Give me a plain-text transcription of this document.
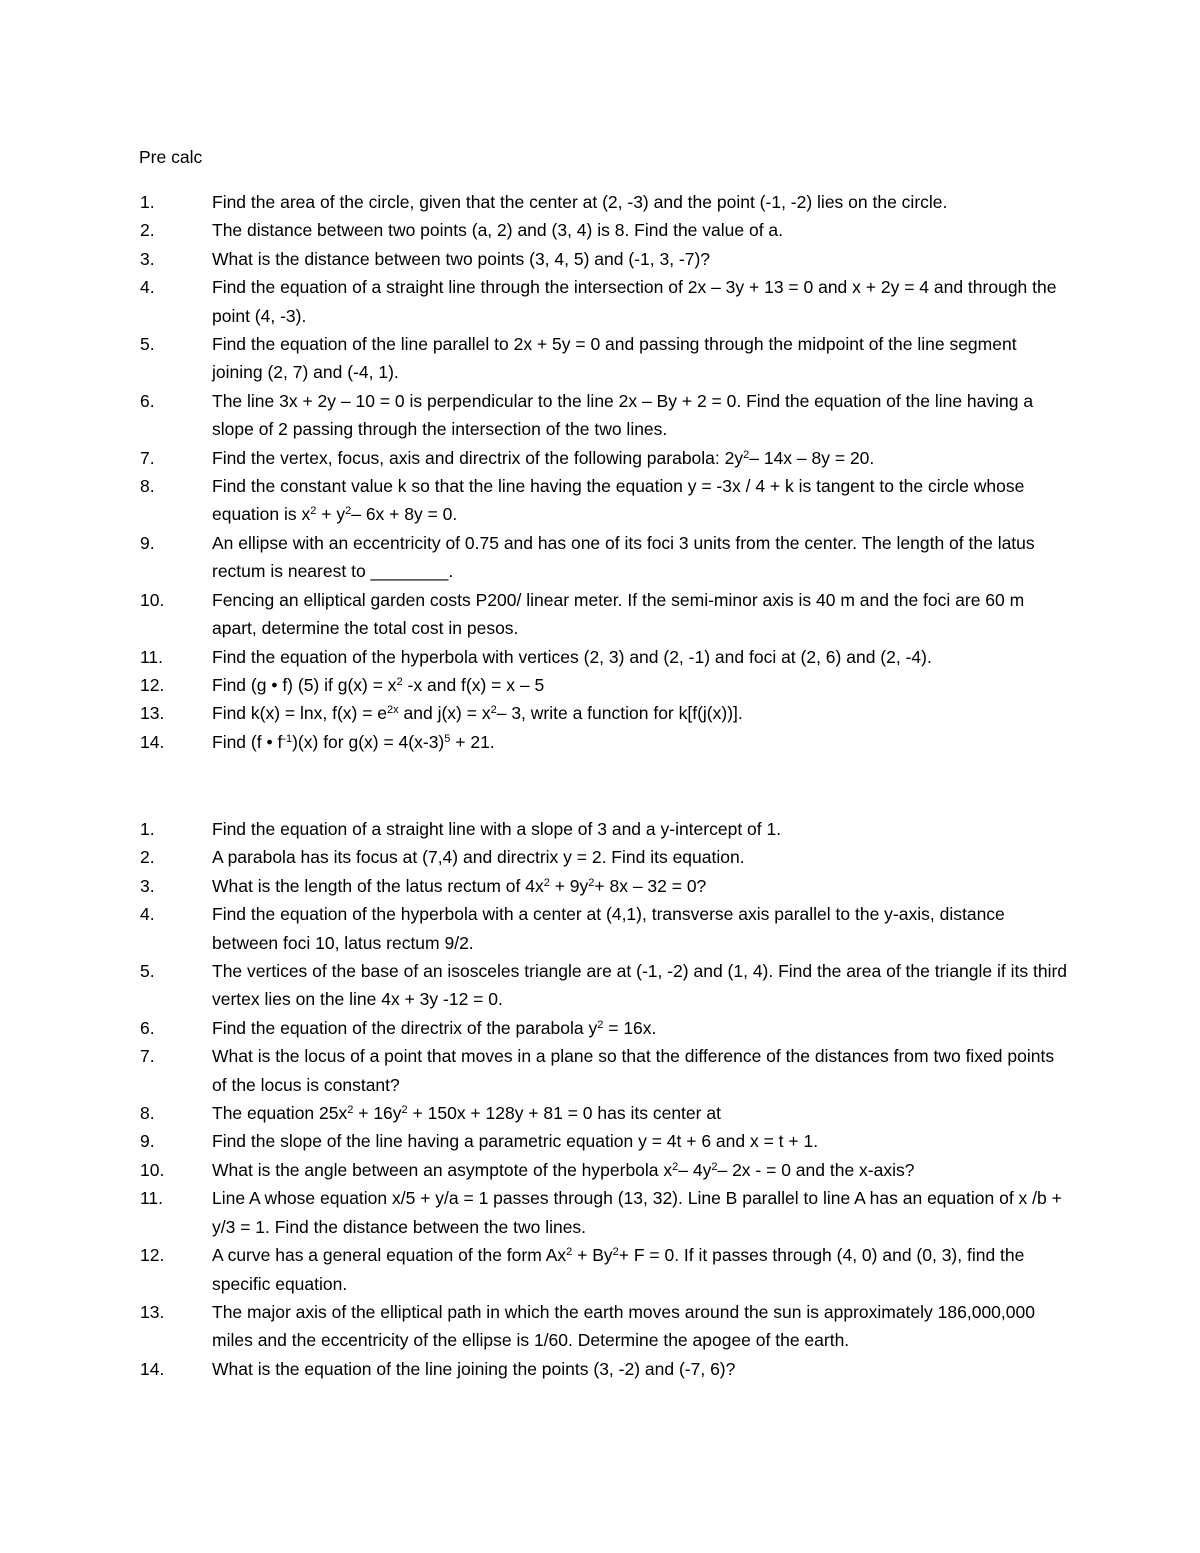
Pre calc
1.	Find the area of the circle, given that the center at (2, -3) and the point (-1, -2) lies on the circle.
2.	The distance between two points (a, 2) and (3, 4) is 8. Find the value of a.
3.	What is the distance between two points (3, 4, 5) and (-1, 3, -7)?
4.	Find the equation of a straight line through the intersection of 2x – 3y + 13 = 0 and x + 2y = 4 and through the point (4, -3).
5.	Find the equation of the line parallel to 2x + 5y = 0 and passing through the midpoint of the line segment joining (2, 7) and (-4, 1).
6.	The line 3x + 2y – 10 = 0 is perpendicular to the line 2x – By + 2 = 0. Find the equation of the line having a slope of 2 passing through the intersection of the two lines.
7.	Find the vertex, focus, axis and directrix of the following parabola: $2y^2-$ 14x – 8y = 20.
8.	Find the constant value k so that the line having the equation y = -3x / 4 + k is tangent to the circle whose equation is $x^2 + y^2-$ 6x + 8y = 0.
9.	An ellipse with an eccentricity of 0.75 and has one of its foci 3 units from the center. The length of the latus rectum is nearest to ________.
10.	Fencing an elliptical garden costs P200/ linear meter. If the semi-minor axis is 40 m and the foci are 60 m apart, determine the total cost in pesos.
11.	Find the equation of the hyperbola with vertices (2, 3) and (2, -1) and foci at (2, 6) and (2, -4).
12.	Find (g • f) (5) if $g(x) = x^2$ -x and f(x) = x – 5
13.	Find k(x) = lnx, $f(x) = e^{2x}$ and $j(x) = x^2-$ 3, write a function for k[f(j(x))].
14.	Find (f • $f^{-1})(x)$ for $g(x) = 4(x-3)^5 + 21$.
1.	Find the equation of a straight line with a slope of 3 and a y-intercept of 1.
2.	A parabola has its focus at (7,4) and directrix y = 2. Find its equation.
3.	What is the length of the latus rectum of $4x^2 + 9y^2+ 8x - 32 = 0$?
4.	Find the equation of the hyperbola with a center at (4,1), transverse axis parallel to the y-axis, distance between foci 10, latus rectum 9/2.
5.	The vertices of the base of an isosceles triangle are at (-1, -2) and (1, 4). Find the area of the triangle if its third vertex lies on the line 4x + 3y -12 = 0.
6.	Find the equation of the directrix of the parabola $y^2 = 16x$.
7.	What is the locus of a point that moves in a plane so that the difference of the distances from two fixed points of the locus is constant?
8.	The equation $25x^2 + 16y^2 + 150x + 128y + 81 = 0$ has its center at
9.	Find the slope of the line having a parametric equation y = 4t + 6 and x = t + 1.
10.	What is the angle between an asymptote of the hyperbola $x^2-$ $4y^2-$ 2x - = 0 and the x-axis?
11.	Line A whose equation x/5 + y/a = 1 passes through (13, 32). Line B parallel to line A has an equation of x /b + y/3 = 1. Find the distance between the two lines.
12.	A curve has a general equation of the form $Ax^2 + By^2+ F = 0$. If it passes through (4, 0) and (0, 3), find the specific equation.
13.	The major axis of the elliptical path in which the earth moves around the sun is approximately 186,000,000 miles and the eccentricity of the ellipse is 1/60. Determine the apogee of the earth.
14.	What is the equation of the line joining the points (3, -2) and (-7, 6)?
